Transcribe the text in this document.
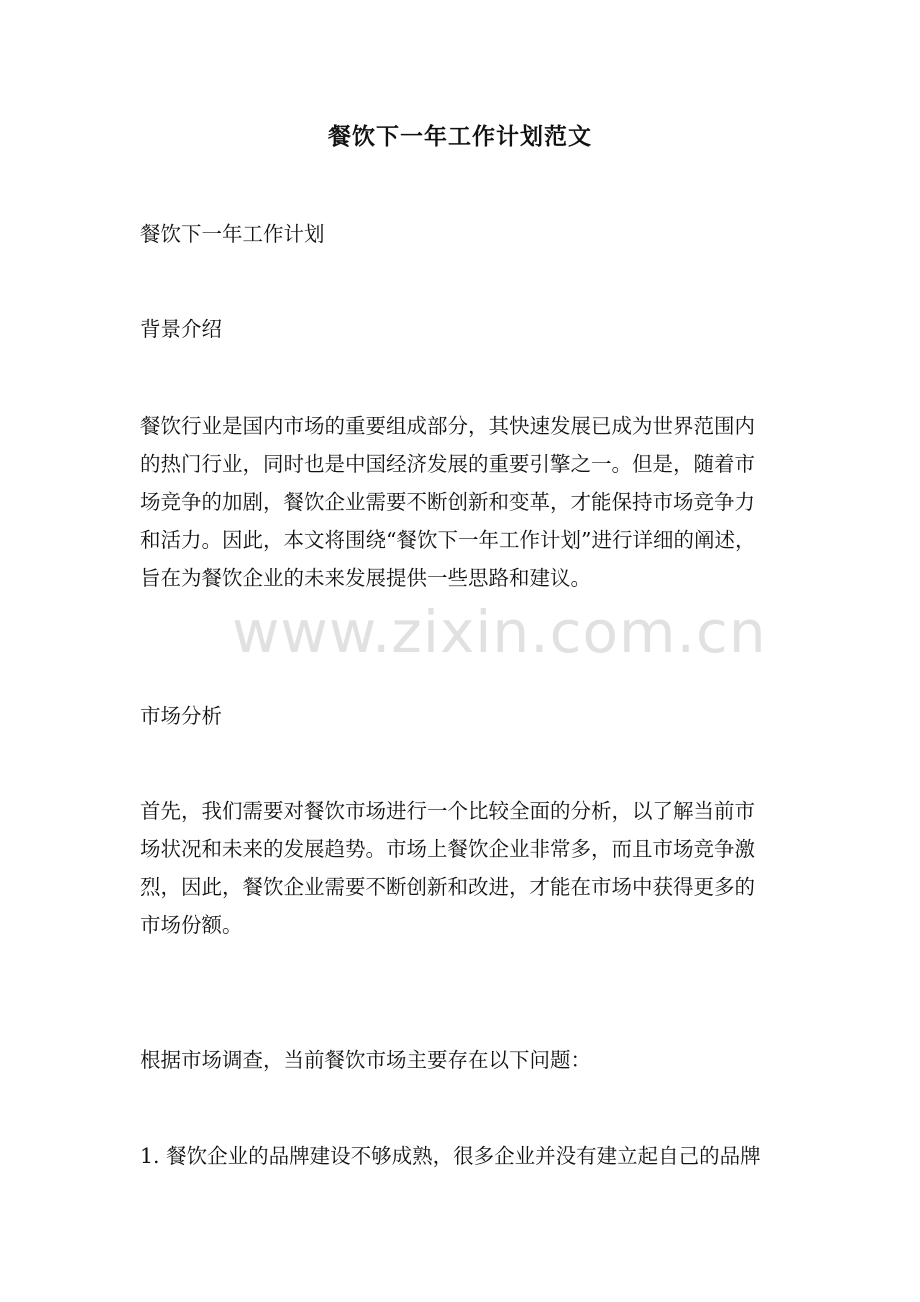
餐饮下一年工作计划范文

餐饮下一年工作计划

背景介绍

餐饮行业是国内市场的重要组成部分，其快速发展已成为世界范围内
的热门行业，同时也是中国经济发展的重要引擎之一。但是，随着市
场竞争的加剧，餐饮企业需要不断创新和变革，才能保持市场竞争力
和活力。因此，本文将围绕“餐饮下一年工作计划”进行详细的阐述，
旨在为餐饮企业的未来发展提供一些思路和建议。

市场分析

首先，我们需要对餐饮市场进行一个比较全面的分析，以了解当前市
场状况和未来的发展趋势。市场上餐饮企业非常多，而且市场竞争激
烈，因此，餐饮企业需要不断创新和改进，才能在市场中获得更多的
市场份额。

根据市场调查，当前餐饮市场主要存在以下问题：

1. 餐饮企业的品牌建设不够成熟，很多企业并没有建立起自己的品牌

www.zixin.com.cn
